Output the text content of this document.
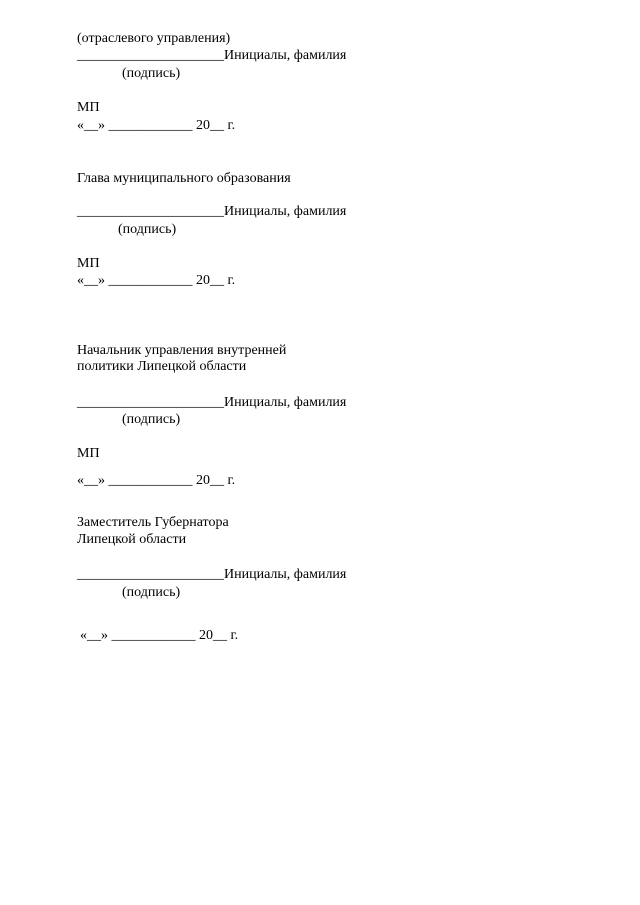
(отраслевого управления)
_____________________Инициалы, фамилия
(подпись)
МП
«__» ____________ 20__ г.
Глава муниципального образования
_____________________Инициалы, фамилия
(подпись)
МП
«__» ____________ 20__ г.
Начальник управления внутренней
политики Липецкой области
_____________________Инициалы, фамилия
(подпись)
МП
«__» ____________ 20__ г.
Заместитель Губернатора
Липецкой области
_____________________Инициалы, фамилия
(подпись)
«__» ____________ 20__ г.
